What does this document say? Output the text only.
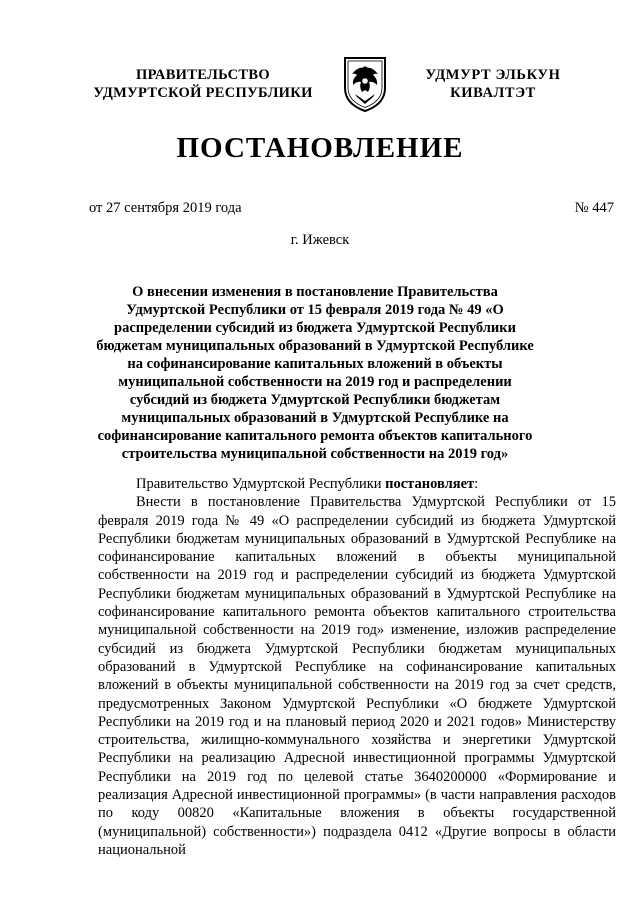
ПРАВИТЕЛЬСТВО
УДМУРТСКОЙ РЕСПУБЛИКИ
УДМУРТ ЭЛЬКУН
КИВАЛТЭТ
ПОСТАНОВЛЕНИЕ
от 27 сентября 2019 года	№ 447
г. Ижевск
О внесении изменения в постановление Правительства Удмуртской Республики от 15 февраля 2019 года № 49 «О распределении субсидий из бюджета Удмуртской Республики бюджетам муниципальных образований в Удмуртской Республике на софинансирование капитальных вложений в объекты муниципальной собственности на 2019 год и распределении субсидий из бюджета Удмуртской Республики бюджетам муниципальных образований в Удмуртской Республике на софинансирование капитального ремонта объектов капитального строительства муниципальной собственности на 2019 год»

Правительство Удмуртской Республики постановляет:

Внести в постановление Правительства Удмуртской Республики от 15 февраля 2019 года № 49 «О распределении субсидий из бюджета Удмуртской Республики бюджетам муниципальных образований в Удмуртской Республике на софинансирование капитальных вложений в объекты муниципальной собственности на 2019 год и распределении субсидий из бюджета Удмуртской Республики бюджетам муниципальных образований в Удмуртской Республике на софинансирование капитального ремонта объектов капитального строительства муниципальной собственности на 2019 год» изменение, изложив распределение субсидий из бюджета Удмуртской Республики бюджетам муниципальных образований в Удмуртской Республике на софинансирование капитальных вложений в объекты муниципальной собственности на 2019 год за счет средств, предусмотренных Законом Удмуртской Республики «О бюджете Удмуртской Республики на 2019 год и на плановый период 2020 и 2021 годов» Министерству строительства, жилищно-коммунального хозяйства и энергетики Удмуртской Республики на реализацию Адресной инвестиционной программы Удмуртской Республики на 2019 год по целевой статье 3640200000 «Формирование и реализация Адресной инвестиционной программы» (в части направления расходов по коду 00820 «Капитальные вложения в объекты государственной (муниципальной) собственности») подраздела 0412 «Другие вопросы в области национальной
